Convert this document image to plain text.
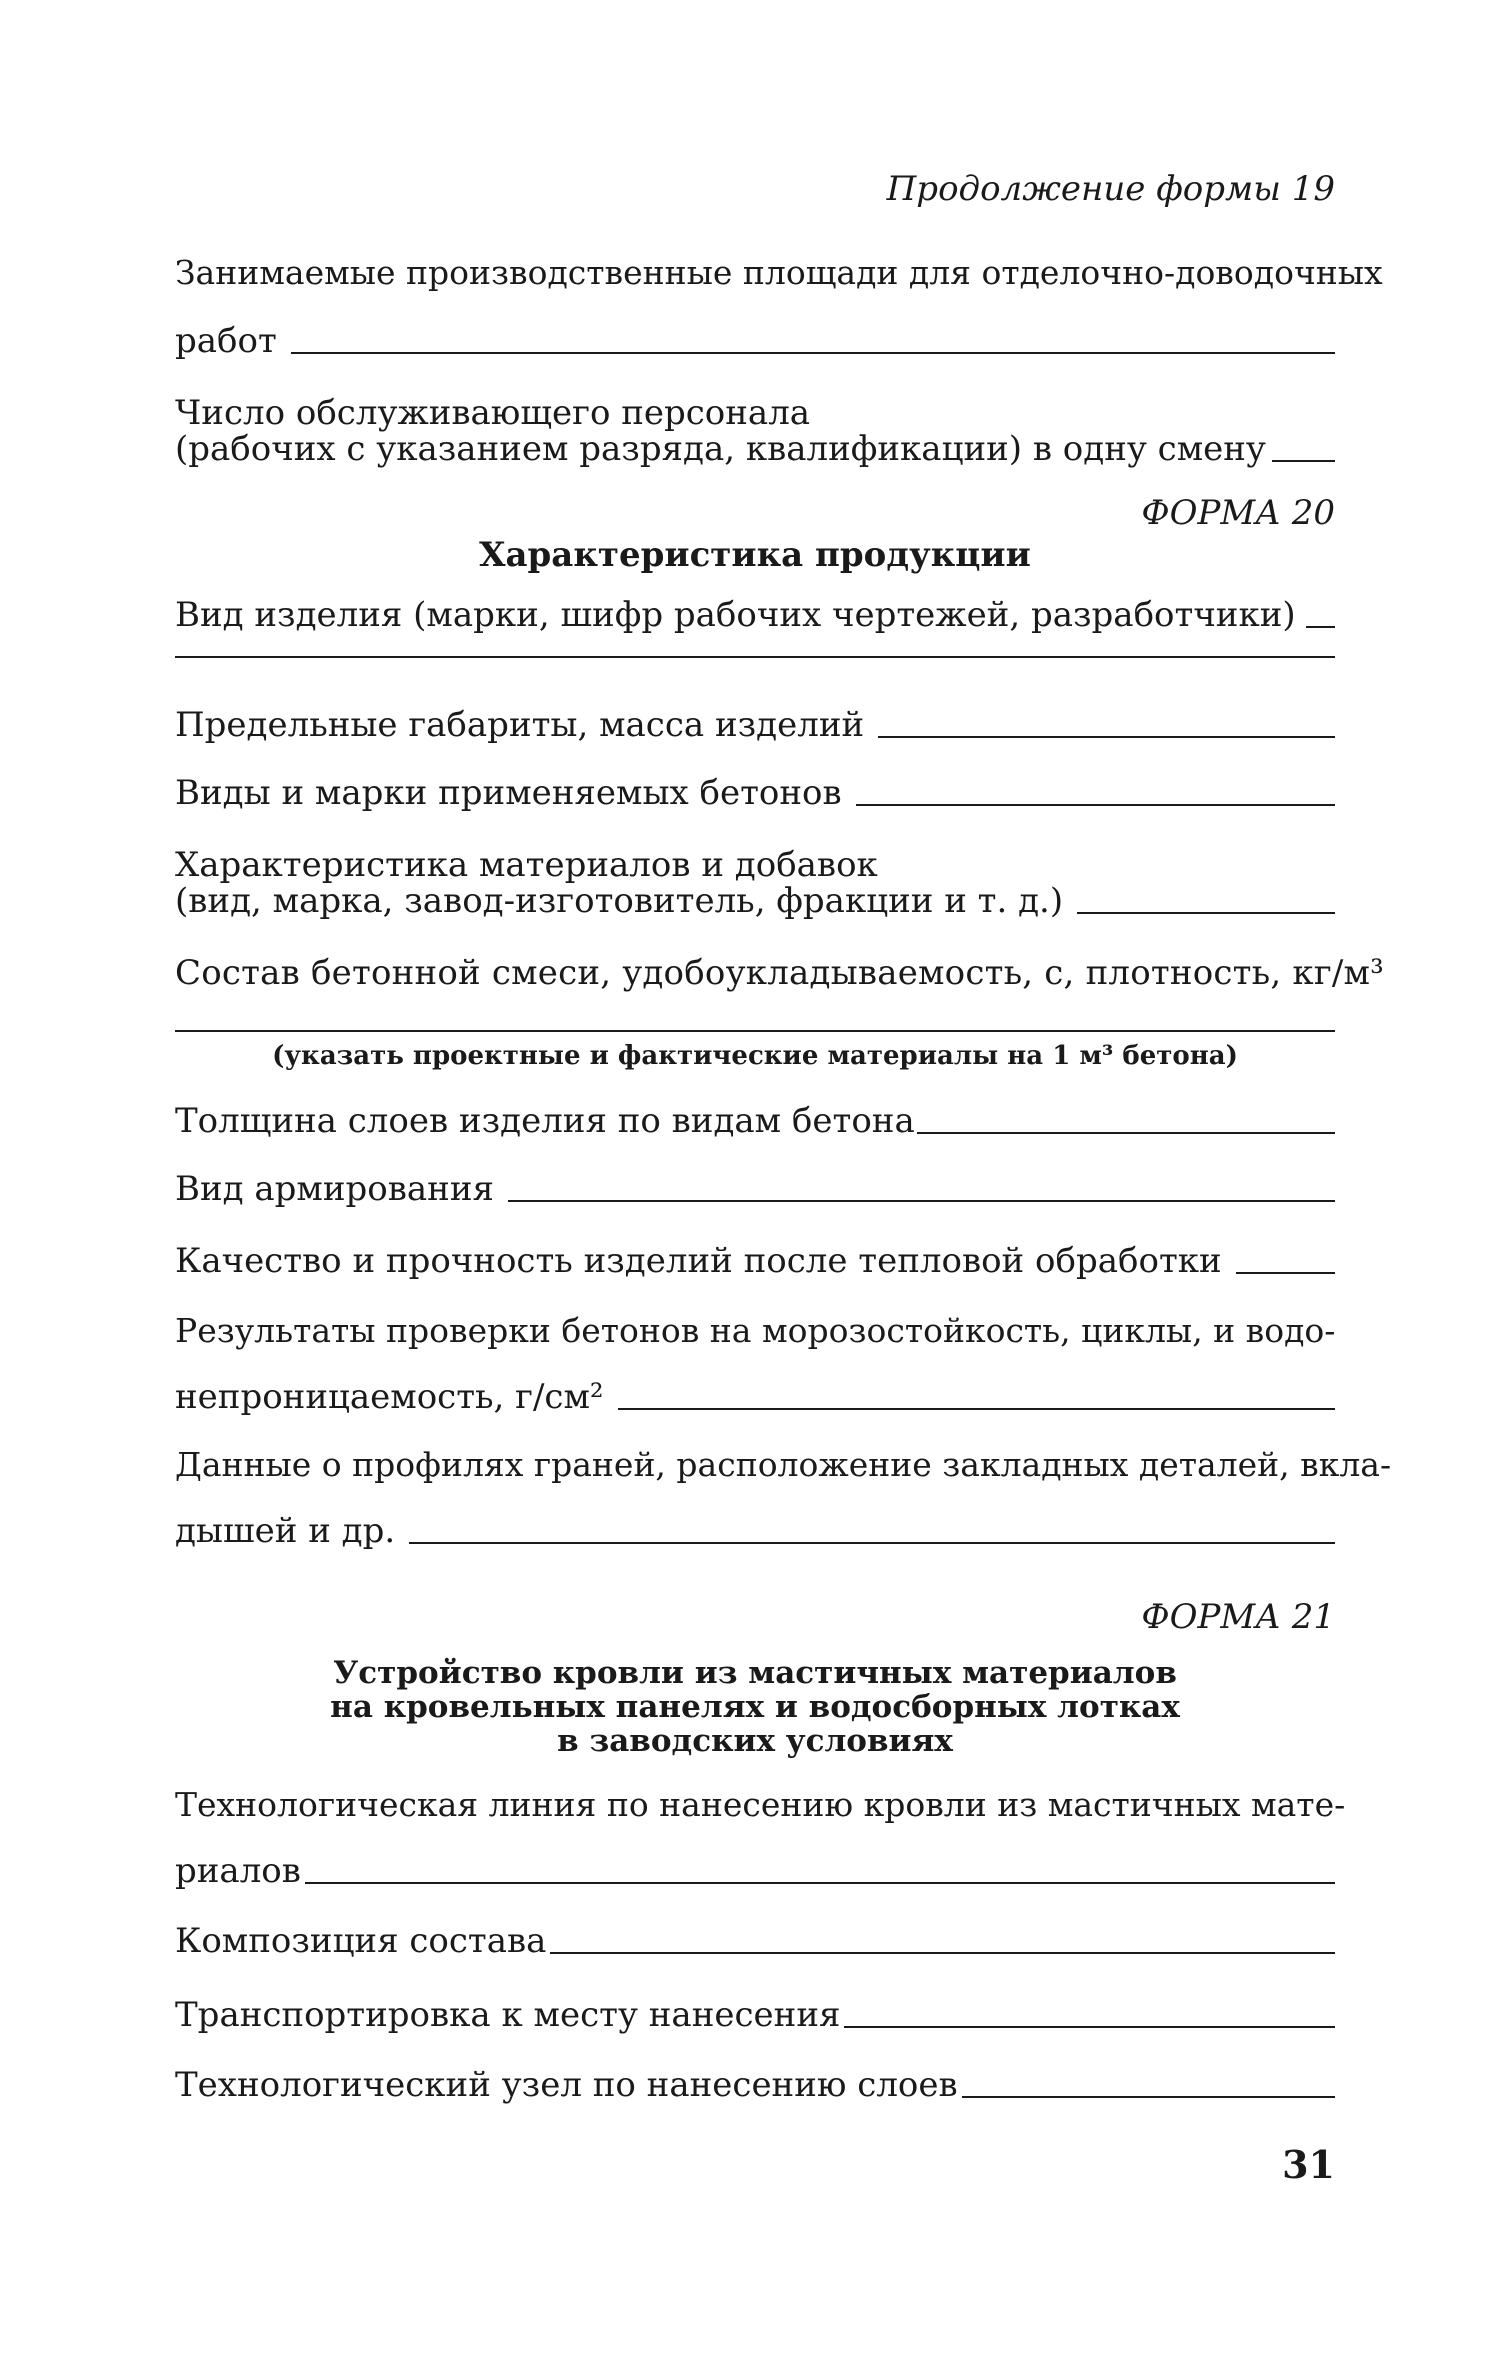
Продолжение формы 19
Занимаемые производственные площади для отделочно-доводочных
работ
Число обслуживающего персонала
(рабочих с указанием разряда, квалификации) в одну смену
ФОРМА 20
Характеристика продукции
Вид изделия (марки, шифр рабочих чертежей, разработчики)
Предельные габариты, масса изделий
Виды и марки применяемых бетонов
Характеристика материалов и добавок
(вид, марка, завод-изготовитель, фракции и т. д.)
Состав бетонной смеси, удобоукладываемость, с, плотность, кг/м³
(указать проектные и фактические материалы на 1 м³ бетона)
Толщина слоев изделия по видам бетона
Вид армирования
Качество и прочность изделий после тепловой обработки
Результаты проверки бетонов на морозостойкость, циклы, и водо-
непроницаемость, г/см²
Данные о профилях граней, расположение закладных деталей, вкла-
дышей и др.
ФОРМА 21
Устройство кровли из мастичных материалов
на кровельных панелях и водосборных лотках
в заводских условиях
Технологическая линия по нанесению кровли из мастичных мате-
риалов
Композиция состава
Транспортировка к месту нанесения
Технологический узел по нанесению слоев
31
